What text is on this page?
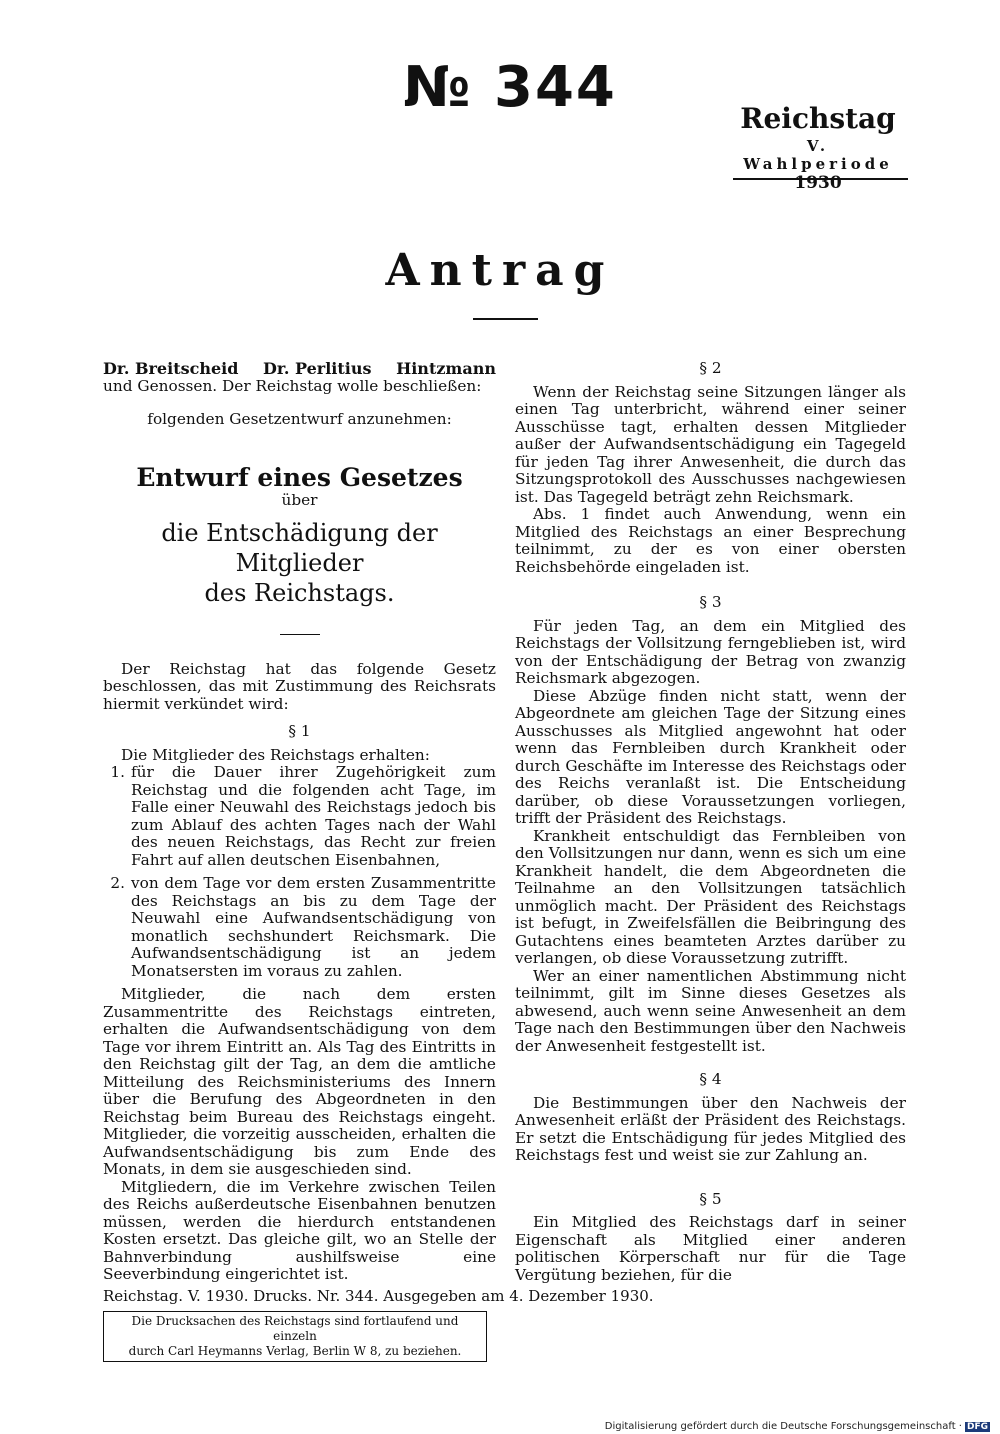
№ 344	Reichstag
V. Wahlperiode
1930
Antrag
Dr. Breitscheid Dr. Perlitius Hintzmann

und Genossen. Der Reichstag wolle beschließen:

folgenden Gesetzentwurf anzunehmen:

Entwurf eines Gesetzes
über
die Entschädigung der Mitglieder
des Reichstags.

Der Reichstag hat das folgende Gesetz beschlossen, das mit Zustimmung des Reichsrats hiermit verkündet wird:

§ 1

Die Mitglieder des Reichstags erhalten:

1. für die Dauer ihrer Zugehörigkeit zum Reichstag und die folgenden acht Tage, im Falle einer Neuwahl des Reichstags jedoch bis zum Ablauf des achten Tages nach der Wahl des neuen Reichstags, das Recht zur freien Fahrt auf allen deutschen Eisenbahnen,
2. von dem Tage vor dem ersten Zusammentritte des Reichstags an bis zu dem Tage der Neuwahl eine Aufwandsentschädigung von monatlich sechshundert Reichsmark. Die Aufwandsentschädigung ist an jedem Monatsersten im voraus zu zahlen.

Mitglieder, die nach dem ersten Zusammentritte des Reichstags eintreten, erhalten die Aufwandsentschädigung von dem Tage vor ihrem Eintritt an. Als Tag des Eintritts in den Reichstag gilt der Tag, an dem die amtliche Mitteilung des Reichsministeriums des Innern über die Berufung des Abgeordneten in den Reichstag beim Bureau des Reichstags eingeht. Mitglieder, die vorzeitig ausscheiden, erhalten die Aufwandsentschädigung bis zum Ende des Monats, in dem sie ausgeschieden sind.

Mitgliedern, die im Verkehre zwischen Teilen des Reichs außerdeutsche Eisenbahnen benutzen müssen, werden die hierdurch entstandenen Kosten ersetzt. Das gleiche gilt, wo an Stelle der Bahnverbindung aushilfsweise eine Seeverbindung eingerichtet ist.

§ 2

Wenn der Reichstag seine Sitzungen länger als einen Tag unterbricht, während einer seiner Ausschüsse tagt, erhalten dessen Mitglieder außer der Aufwandsentschädigung ein Tagegeld für jeden Tag ihrer Anwesenheit, die durch das Sitzungsprotokoll des Ausschusses nachgewiesen ist. Das Tagegeld beträgt zehn Reichsmark.

Abs. 1 findet auch Anwendung, wenn ein Mitglied des Reichstags an einer Besprechung teilnimmt, zu der es von einer obersten Reichsbehörde eingeladen ist.

§ 3

Für jeden Tag, an dem ein Mitglied des Reichstags der Vollsitzung ferngeblieben ist, wird von der Entschädigung der Betrag von zwanzig Reichsmark abgezogen.

Diese Abzüge finden nicht statt, wenn der Abgeordnete am gleichen Tage der Sitzung eines Ausschusses als Mitglied angewohnt hat oder wenn das Fernbleiben durch Krankheit oder durch Geschäfte im Interesse des Reichstags oder des Reichs veranlaßt ist. Die Entscheidung darüber, ob diese Voraussetzungen vorliegen, trifft der Präsident des Reichstags.

Krankheit entschuldigt das Fernbleiben von den Vollsitzungen nur dann, wenn es sich um eine Krankheit handelt, die dem Abgeordneten die Teilnahme an den Vollsitzungen tatsächlich unmöglich macht. Der Präsident des Reichstags ist befugt, in Zweifelsfällen die Beibringung des Gutachtens eines beamteten Arztes darüber zu verlangen, ob diese Voraussetzung zutrifft.

Wer an einer namentlichen Abstimmung nicht teilnimmt, gilt im Sinne dieses Gesetzes als abwesend, auch wenn seine Anwesenheit an dem Tage nach den Bestimmungen über den Nachweis der Anwesenheit festgestellt ist.

§ 4

Die Bestimmungen über den Nachweis der Anwesenheit erläßt der Präsident des Reichstags. Er setzt die Entschädigung für jedes Mitglied des Reichstags fest und weist sie zur Zahlung an.

§ 5

Ein Mitglied des Reichstags darf in seiner Eigenschaft als Mitglied einer anderen politischen Körperschaft nur für die Tage Vergütung beziehen, für die

Reichstag. V. 1930. Drucks. Nr. 344. Ausgegeben am 4. Dezember 1930.
Die Drucksachen des Reichstags sind fortlaufend und einzeln
durch Carl Heymanns Verlag, Berlin W 8, zu beziehen.
Digitalisierung gefördert durch die Deutsche Forschungsgemeinschaft · DFG
